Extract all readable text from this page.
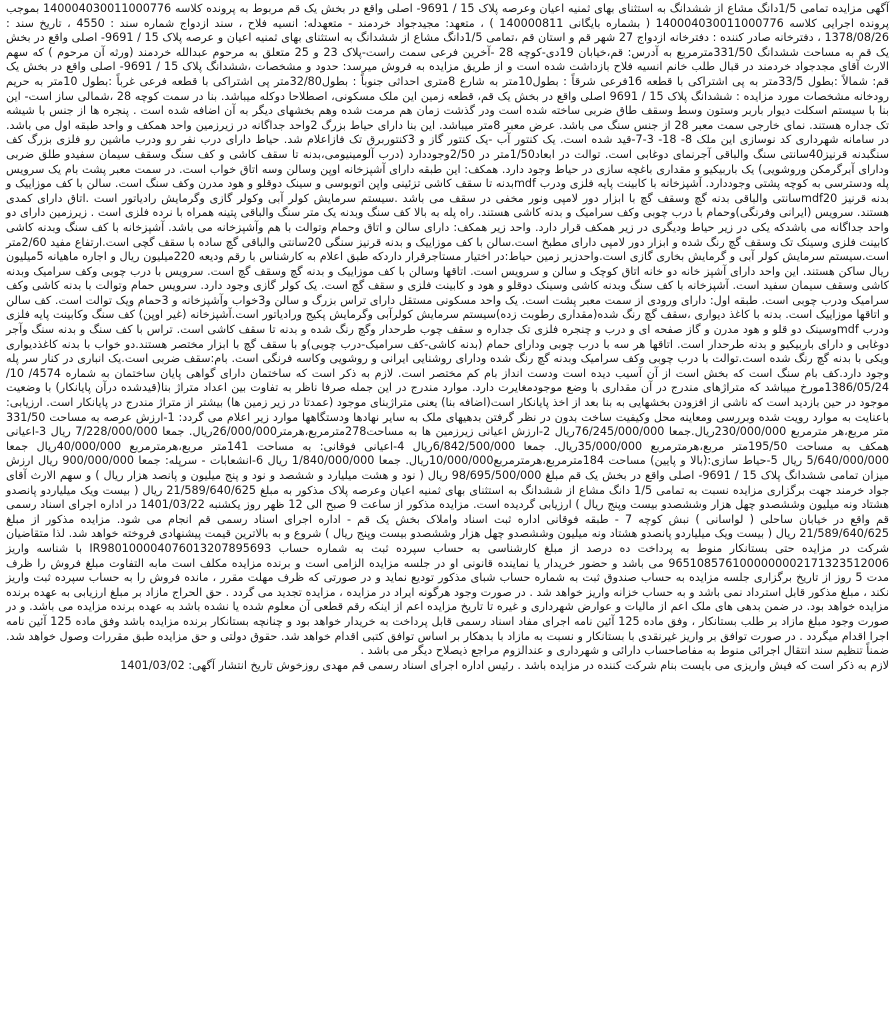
آگهی مزایده تمامی 1/5دانگ مشاع از ششدانگ به استثنای بهای ثمنیه اعیان وعرصه پلاک 15 / 9691- اصلی واقع در بخش یک قم مربوط به پرونده کلاسه 140004030011000776 بموجب پرونده اجرایی کلاسه 140004030011000776 ( بشماره بایگانی 140000811 ) ، متعهد: مجیدجواد خردمند - متعهدله: انسیه فلاح ، سند ازدواج شماره سند : 4550 ، تاریخ سند : 1378/08/26 ، دفترخانه صادر کننده : دفترخانه ازدواج 27 شهر قم و استان قم ،تمامی 1/5دانگ مشاع از ششدانگ به استثنای بهای ثمنیه اعیان و عرصه پلاک 15 / 9691- اصلی واقع در بخش یک قم به مساحت ششدانگ 331/50مترمربع به آدرس: قم،خیابان 19دی-کوچه 28 -آخرین فرعی سمت راست-پلاک 23 و 25 متعلق به مرحوم عبدالله خردمند (ورثه آن مرحوم ) که سهم الارث آقای مجدجواد خردمند در قبال طلب خانم انسیه فلاح بازداشت شده است و از طریق مزایده به فروش میرسد: حدود و مشخصات ،ششدانگ پلاک 15 / 9691- اصلی واقع در بخش یک قم: شمالاً :بطول 33/5متر به پی اشتراکی با قطعه 16فرعی شرقاً : بطول10متر به شارع 8متری احداثی جنوباً : بطول32/80متر پی اشتراکی با قطعه فرعی غرباً :بطول 10متر به حریم رودخانه مشخصات مورد مزایده : ششدانگ پلاک 15 / 9691 اصلی واقع در بخش یک قم، قطعه زمین این ملک مسکونی، اصطلاحا دوکله میباشد. بنا در سمت کوچه 28 ،شمالی ساز است- این بنا با سیستم اسکلت دیوار باربر وستون وسط وسقف طاق ضربی ساخته شده است ودر گذشت زمان هم مرمت شده وهم بخشهای دیگر به آن اضافه شده است . پنجره ها از جنس با شیشه تک جداره هستند. نمای خارجی سمت معبر 28 از جنس سنگ می باشد. عرض معبر 8متر میباشد. این بنا دارای حیاط بزرگ 2واحد جداگانه در زیرزمین واحد همکف و واحد طبقه اول می باشد. در سامانه شهرداری کد نوسازی این ملک 8- 18- 3-7-قید شده است. یک کنتور آب -یک کنتور گاز و 3کنتوربرق تک فازاعلام شد. حیاط دارای درب نفر رو ودرب ماشین رو فلزی بزرگ کف سنگبدنه قرنیز40سانتی سنگ والباقی آجرنمای دوغابی است. توالت در ابعاد1/50متر در 2/50وجوددارد (درب آلومینیومی،بدنه تا سقف کاشی و کف سنگ وسقف سیمان سفیدو طلق ضربی ودارای آبرگرمکن وروشویی) یک باربیکیو و مقداری باغچه سازی در حیاط وجود دارد. همکف: این طبقه دارای آشپزخانه اوپن وسالن وسه اتاق خواب است. در سمت معبر پشت بام یک سرویس پله ودسترسی به کوچه پشتی وجوددارد. آشپزخانه با کابینت پایه فلزی ودرب mdfبدنه تا سقف کاشی تزئینی واپن اتوبوسی و سینک دوقلو و هود مدرن وکف سنگ است. سالن با کف موزاییک و بدنه قرنیز mdf20سانتی والباقی بدنه گچ وسقف گچ با ابزار دور لامپی ونور مخفی در سقف می باشد .سیستم سرمایش کولر آبی وکولر گازی وگرمایش رادیاتور است .اتاق دارای کمدی هستند. سرویس (ایرانی وفرنگی)وحمام با درب چوبی وکف سرامیک و بدنه کاشی هستند. راه پله به بالا کف سنگ وبدنه یک متر سنگ والباقی پتینه همراه با نرده فلزی است . زیرزمین دارای دو واحد جداگانه می باشدکه یکی در زیر حیاط ودیگری در زیر همکف قرار دارد. واحد زیر همکف: دارای سالن و اتاق وحمام وتوالت با هم وآشپزخانه می باشد. آشپزخانه با کف سنگ وبدنه کاشی کابینت فلزی وسینک تک وسقف گچ رنگ شده و ابزار دور لامپی دارای مطبخ است.سالن با کف موزاییک و بدنه قرنیز سنگی 20سانتی والباقی گچ ساده با سقف گچی است.ارتفاع مفید 2/60متر است.سیستم سرمایش کولر آبی و گرمایش بخاری گازی است.واحدزیر زمین حیاط:در اختیار مستاجرقرار داردکه طبق اعلام به کارشناس با رقم ودیعه 220میلیون ریال و اجاره ماهیانه 5میلیون ریال ساکن هستند. این واحد دارای آشپز خانه دو خانه اتاق کوچک و سالن و سرویس است. اتاقها وسالن با کف موزاییک و بدنه گچ وسقف گچ است. سرویس با درب چوبی وکف سرامیک وبدنه کاشی وسقف سیمان سفید است. آشپزخانه با کف سنگ وبدنه کاشی وسینک دوقلو و هود و کابینت فلزی و سقف گچ است. یک کولر گازی وجود دارد. سرویس حمام وتوالت با بدنه کاشی وکف سرامیک ودرب چوبی است. طبقه اول: دارای ورودی از سمت معبر پشت است. یک واحد مسکونی مستقل دارای تراس بزرگ و سالن و3خواب وآشپزخانه و 3حمام ویک توالت است. کف سالن و اتاقها موزاییک است. بدنه با کاغذ دیواری ،سقف گچ رنگ شده(مقداری رطوبت زده)سیستم سرمایش کولرآبی وگرمایش پکیج ورادیاتور است.آشپزخانه (غیر اوپن) کف سنگ وکابینت پایه فلزی ودرب mdfوسینک دو قلو و هود مدرن و گاز صفحه ای و درب و چنجره فلزی تک جداره و سقف چوب طرحدار وگچ رنگ شده و بدنه تا سقف کاشی است. تراس با کف سنگ و بدنه سنگ وآجر دوغابی و دارای باربیکیو و بدنه طرحدار است. اتاقها هر سه با درب چوبی ودارای حمام (بدنه کاشی-کف سرامیک-درب چوبی)و با سقف گچ با ابزار مختصر هستند.دو خواب با بدنه کاغذدیواری ویکی با بدنه گچ رنگ شده است.توالت با درب چوبی وکف سرامیک وبدنه گچ رنگ شده ودارای روشنایی ایرانی و روشویی وکاسه فرنگی است. بام:سقف ضربی است.یک انباری در کنار سر پله وجود دارد.کف بام سنگ است که بخش است از آن آسیب دیده است ودست انداز بام کم مختصر است. لازم به ذکر است که ساختمان دارای گواهی پایان ساختمان به شماره 4574/ 10/ 1386/05/24مورخ میباشد که متراژهای مندرج در آن مقداری با وضع موجودمغایرت دارد. موارد مندرج در این جمله صرفا ناظر به تفاوت بین اعداد متراژ بنا(قیدشده درآن پایانکار) با وضعیت موجود در حین بازدید است که ناشی از افزودن بخشهایی به بنا بعد از اخذ پایانکار است(اضافه بنا) یعنی متراژبنای موجود (عمدتا در زیر زمین ها) بیشتر از متراژ مندرج در پایانکار است. ارزیابی: باعنایت به موارد رویت شده وبررسی ومعاینه محل وکیفیت ساخت بدون در نظر گرفتن بدهیهای ملک به سایر نهادها ودستگاهها موارد زیر اعلام می گردد: 1-ارزش عرصه به مساحت 331/50 متر مربع،هر مترمربع 230/000/000ریال.جمعا 76/245/000/000ریال 2-ارزش اعیانی زیرزمین ها به مساحت278مترمربع،هرمتر26/000/000ریال. جمعا 7/228/000/000 ریال 3-اعیانی همکف به مساحت 195/50متر مربع،هرمترمربع 35/000/000ریال. جمعا 6/842/500/000ریال 4-اعیانی فوقانی: به مساحت 141متر مربع،هرمترمربع 40/000/000ریال جمعا 5/640/000/000 ریال 5-حیاط سازی:(بالا و پایین) مساحت 184مترمربع،هرمترمربع10/000/000ریال. جمعا 1/840/000/000 ریال 6-انشعابات - سرپله: جمعا 900/000/000 ریال ارزش میزان تمامی ششدانگ پلاک 15 / 9691- اصلی واقع در بخش یک قم مبلغ 98/695/500/000 ریال ( نود و هشت میلیارد و ششصد و نود و پنج میلیون و پانصد هزار ریال ) و سهم الارث آقای جواد خرمند جهت برگزاری مزایده نسبت به تمامی 1/5 دانگ مشاع از ششدانگ به استثنای بهای ثمنیه اعیان وعرصه پلاک مذکور به مبلغ 21/589/640/625 ریال ( بیست ویک میلیاردو پانصدو هشتاد ونه میلیون وششصدو چهل هزار وششصدو بیست وپنج ریال ) ارزیابی گردیده است. مزایده مذکور از ساعت 9 صبح الی 12 ظهر روز یکشنبه 1401/03/22 در اداره اجرای اسناد رسمی قم واقع در خیابان ساحلی ( لواسانی ) نبش کوچه 7 - طبقه فوقانی اداره ثبت اسناد واملاک بخش یک قم - اداره اجرای اسناد رسمی قم انجام می شود. مزایده مذکور از مبلغ 21/589/640/625 ریال ( بیست ویک میلیاردو پانصدو هشتاد ونه میلیون وششصدو چهل هزار وششصدو بیست وپنج ریال ) شروع و به بالاترین قیمت پیشنهادی فروخته خواهد شد. لذا متقاضیان شرکت در مزایده حتی بستانکار منوط به پرداخت ده درصد از مبلغ کارشناسی به حساب سپرده ثبت به شماره حساب IR980100004076013207895693 با شناسه واریز 9651085761000000002171323512006 می باشد و حضور خریدار یا نماینده قانونی او در جلسه مزایده الزامی است و برنده مزایده مکلف است مابه التفاوت مبلغ فروش را ظرف مدت 5 روز از تاریخ برگزاری جلسه مزایده به حساب صندوق ثبت به شماره حساب شبای مذکور تودیع نماید و در صورتی که ظرف مهلت مقرر ، مانده فروش را به حساب سپرده ثبت واریز نکند ، مبلغ مذکور قابل استرداد نمی باشد و به حساب خزانه واریز خواهد شد . در صورت وجود هرگونه ایراد در مزایده ، مزایده تجدید می گردد . حق الحراج مازاد بر مبلغ ارزیابی به عهده برنده مزایده خواهد بود. در ضمن بدهی های ملک اعم از مالیات و عوارض شهرداری و غیره تا تاریخ مزایده اعم از اینکه رقم قطعی آن معلوم شده یا نشده باشد به عهده برنده مزایده می باشد. و در صورت وجود مبلغ مازاد بر طلب بستانکار ، وفق ماده 125 آئین نامه اجرای مفاد اسناد رسمی قابل پرداخت به خریدار خواهد بود و چنانچه بستانکار برنده مزایده باشد وفق ماده 125 آئین نامه اجرا اقدام میگردد . در صورت توافق بر واریز غیرنقدی با بستانکار و نسبت به مازاد با بدهکار بر اساس توافق کتبی اقدام خواهد شد. حقوق دولتی و حق مزایده طبق مقررات وصول خواهد شد. ضمناً تنظیم سند انتقال اجرائی منوط به مفاصاحساب دارائی و شهرداری و عندالزوم مراجع ذیصلاح دیگر می باشد .

لازم به ذکر است که فیش واریزی می بایست بنام شرکت کننده در مزایده باشد . رئیس اداره اجرای اسناد رسمی قم مهدی روزخوش تاریخ انتشار آگهی: 1401/03/02
